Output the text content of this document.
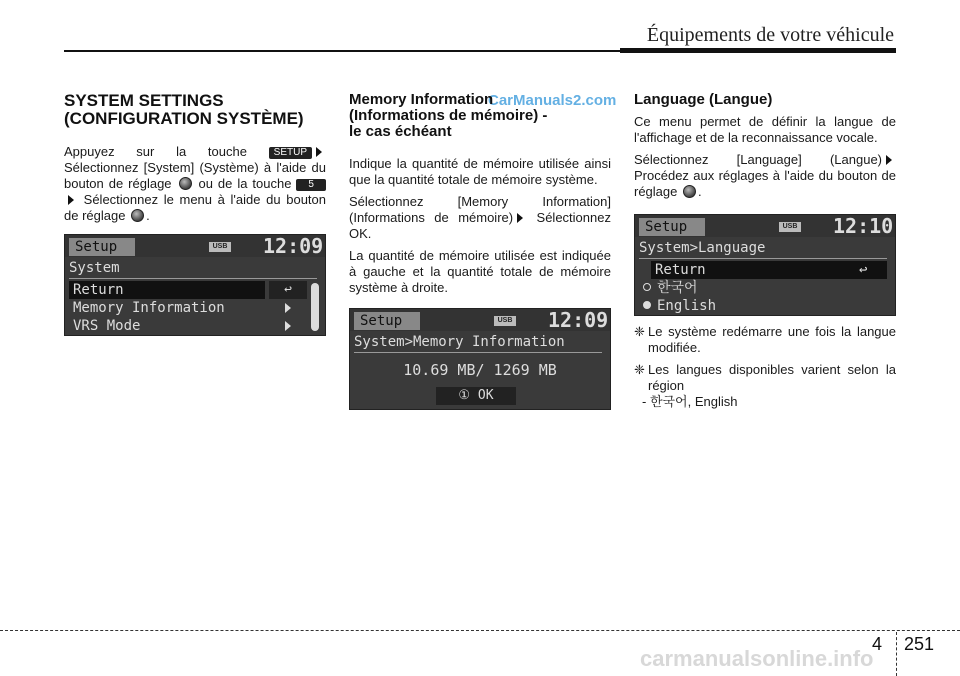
Équipements de votre véhicule
SYSTEM SETTINGS
(CONFIGURATION SYSTÈME)
Appuyez sur la touche	SETUP Sélectionnez [System] (Système) à l'aide du bouton de réglage ou de la touche 5 Sélectionnez le menu à l'aide du bouton de réglage .
Setup	USB 12:09
System
Return	↩
Memory Information
VRS Mode
CarManuals2.com
Memory Information
(Informations de mémoire) -
le cas échéant
Indique la quantité de mémoire utilisée ainsi que la quantité totale de mémoire système.
Sélectionnez [Memory Information] (Informations de mémoire) Sélectionnez OK.
La quantité de mémoire utilisée est indiquée à gauche et la quantité totale de mémoire système à droite.
Setup	USB 12:09
System>Memory Information
10.69 MB/ 1269 MB
① OK
Language (Langue)
Ce menu permet de définir la langue de l'affichage et de la reconnaissance vocale.
Sélectionnez [Language] (Langue) Procédez aux réglages à l'aide du bouton de réglage .
Setup	USB 12:10
System>Language
Return	↩
한국어
English
❈ Le système redémarre une fois la langue modifiée.
❈ Les langues disponibles varient selon la région
- 한국어, English
4 251
carmanualsonline.info
